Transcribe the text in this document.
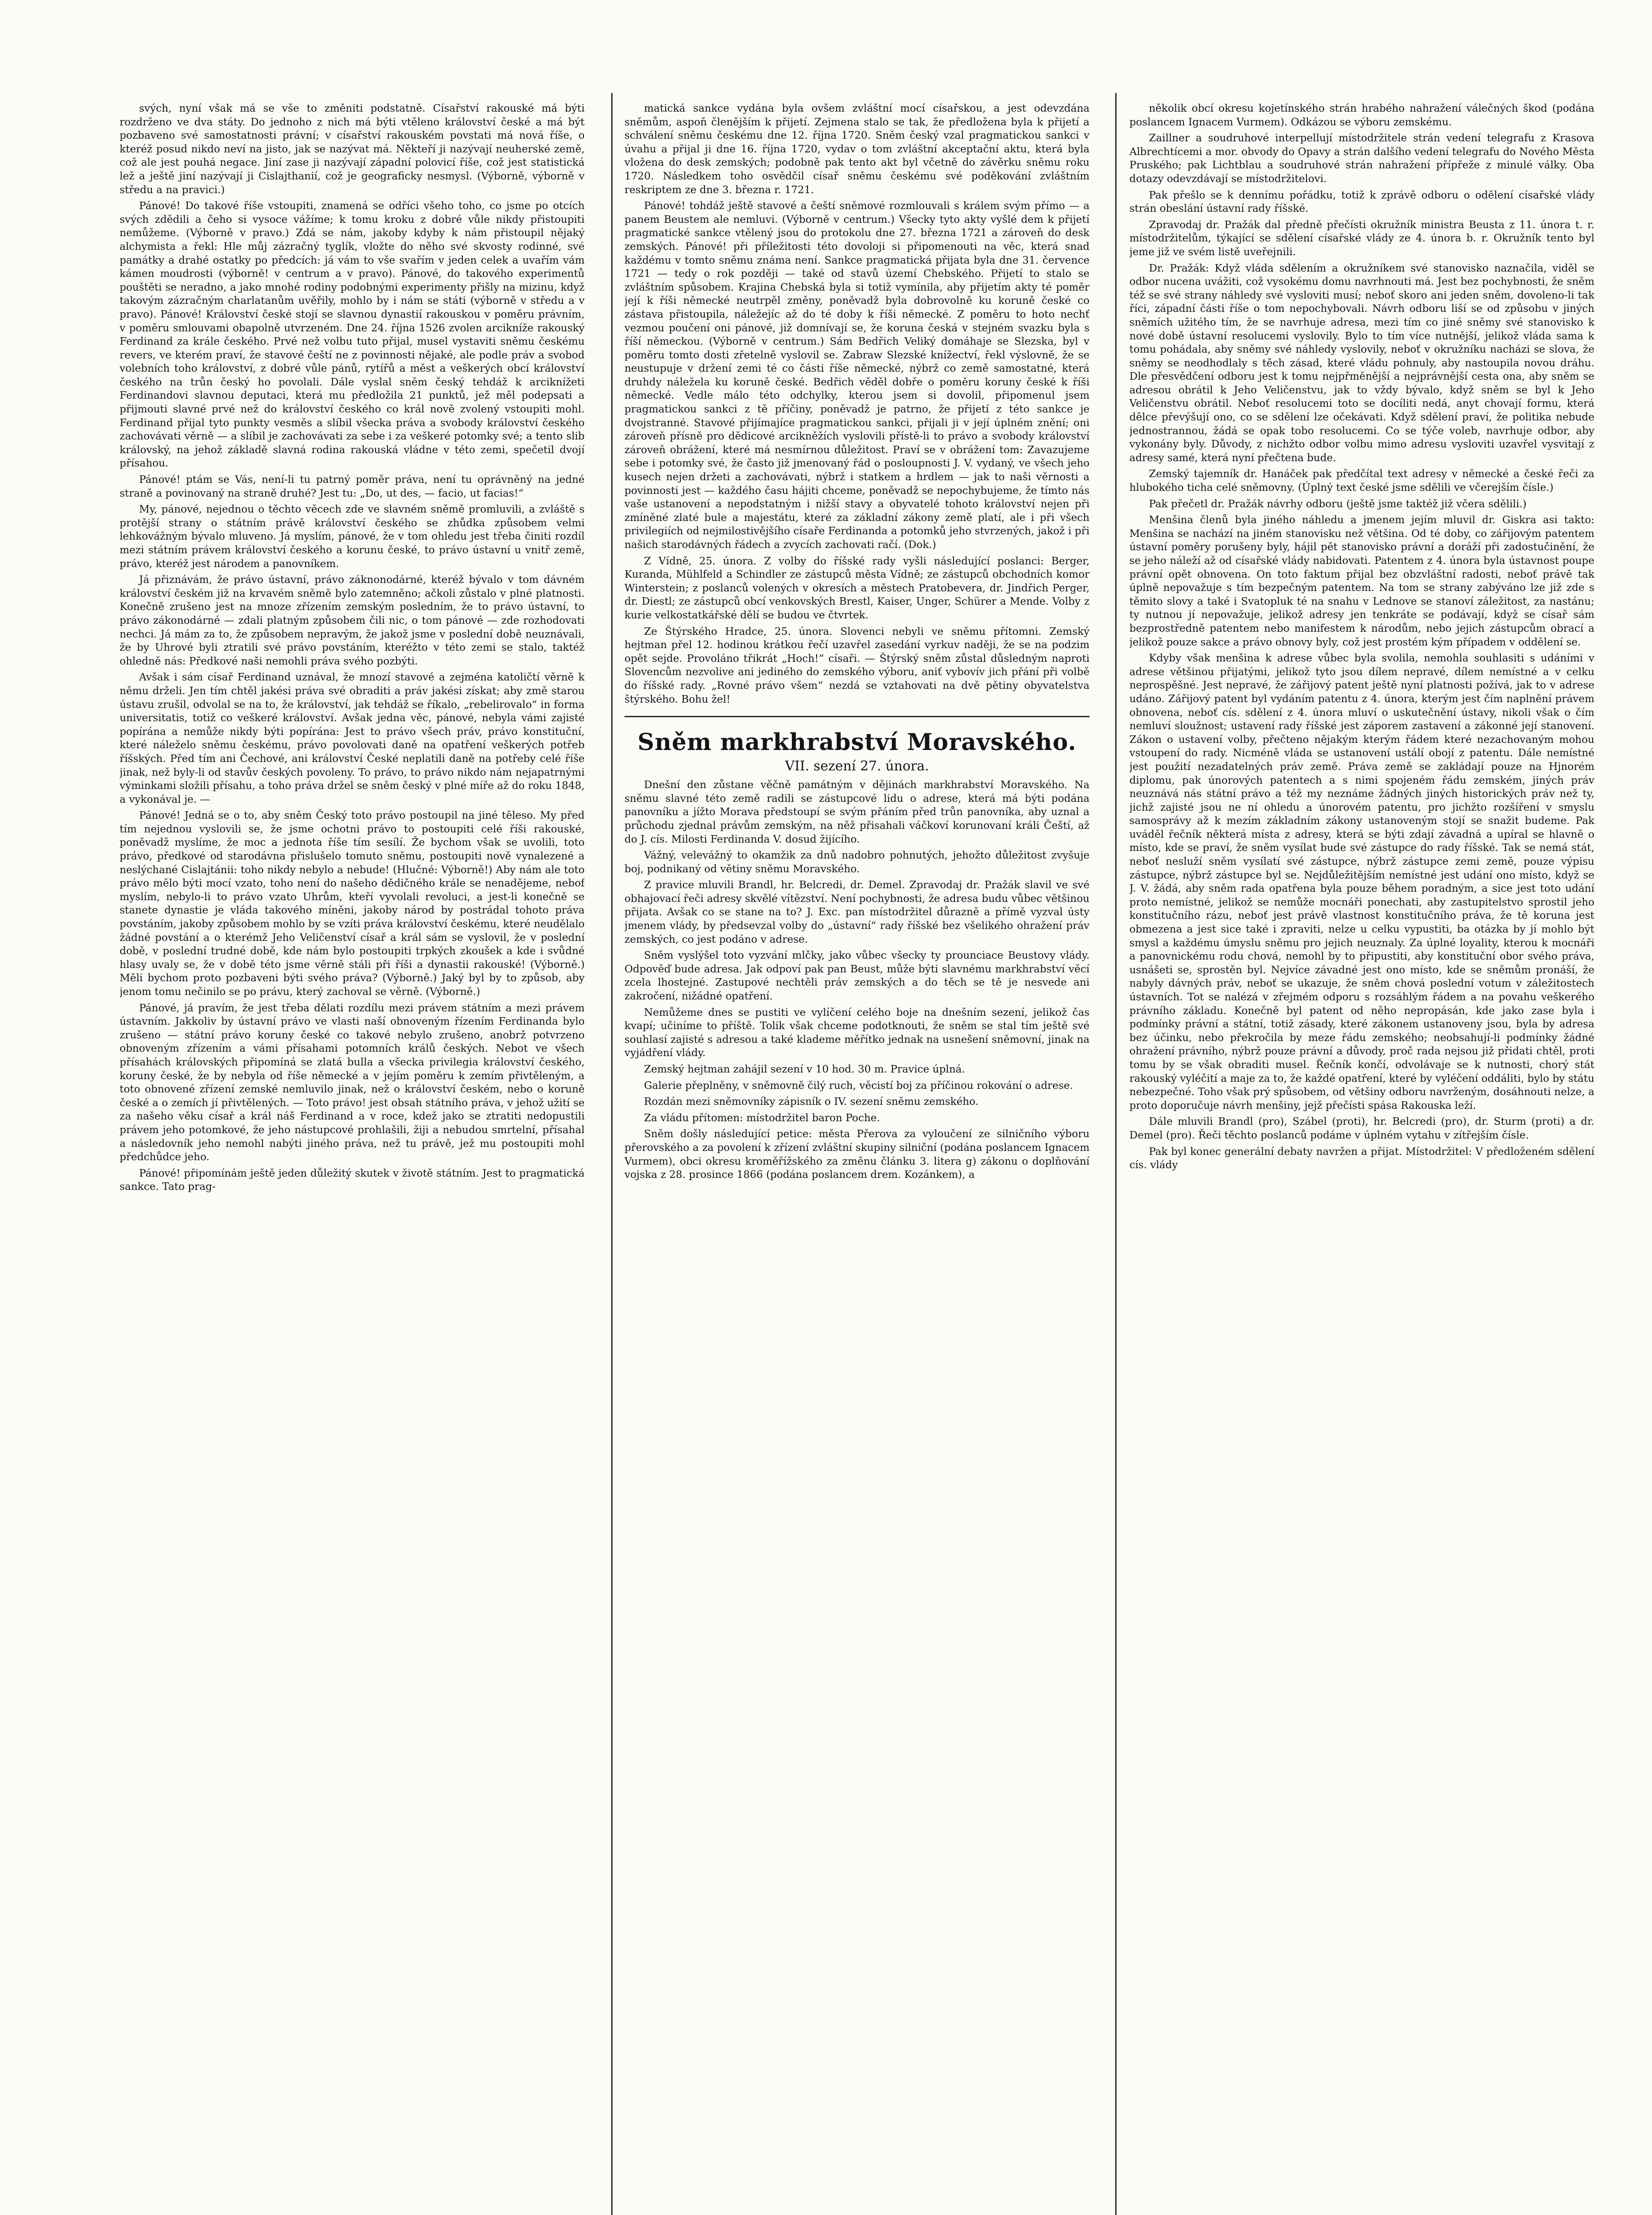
svých, nyní však má se vše to změniti podstatně. Císařství rakouské má býti rozdrženo ve dva státy. Do jednoho z nich má býti vtěleno království české a má být pozbaveno své samostatnosti právní; v císařství rakouském povstati má nová říše, o kteréž posud nikdo neví na jisto, jak se nazývat má. Někteří ji nazývají neuherské země, což ale jest pouhá negace. Jiní zase ji nazývají západní polovicí říše, což jest statistická lež a ještě jiní nazývají ji Cislajthanií, což je geograficky nesmysl. (Výborně, výborně v středu a na pravici.)

Pánové! Do takové říše vstoupiti, znamená se odříci všeho toho, co jsme po otcích svých zdědili a čeho si vysoce vážíme; k tomu kroku z dobré vůle nikdy přistoupiti nemůžeme. (Výborně v pravo.) Zdá se nám, jakoby kdyby k nám přistoupil nějaký alchymista a řekl: Hle můj zázračný tyglík, vložte do něho své skvosty rodinné, své památky a drahé ostatky po předcích: já vám to vše svařím v jeden celek a uvařím vám kámen moudrosti (výborně! v centrum a v pravo). Pánové, do takového experimentů pouštěti se neradno, a jako mnohé rodiny podobnými experimenty přišly na mizinu, když takovým zázračným charlatanům uvěřily, mohlo by i nám se státi (výborně v středu a v pravo). Pánové! Království české stojí se slavnou dynastií rakouskou v poměru právním, v poměru smlouvami obapolně utvrzeném. Dne 24. října 1526 zvolen arcikníže rakouský Ferdinand za krále českého. Prvé než volbu tuto přijal, musel vystaviti sněmu českému revers, ve kterém praví, že stavové čeští ne z povinnosti nějaké, ale podle práv a svobod volebních toho království, z dobré vůle pánů, rytířů a měst a veškerých obcí království českého na trůn český ho povolali. Dále vyslal sněm český tehdáž k arciknížeti Ferdinandovi slavnou deputaci, která mu předložila 21 punktů, jež měl podepsati a přijmouti slavné prvé než do království českého co král nově zvolený vstoupiti mohl. Ferdinand přijal tyto punkty vesměs a slíbil všecka práva a svobody království českého zachovávati věrně — a slíbil je zachovávati za sebe i za veškeré potomky své; a tento slib královský, na jehož základě slavná rodina rakouská vládne v této zemi, spečetil dvojí přísahou.

Pánové! ptám se Vás, není-li tu patrný poměr práva, není tu oprávněný na jedné straně a povinovaný na straně druhé? Jest tu: „Do, ut des, — facio, ut facias!“

My, pánové, nejednou o těchto věcech zde ve slavném sněmě promluvili, a zvláště s protější strany o státním právě království českého se zhůdka způsobem velmi lehkovážným bývalo mluveno. Já myslím, pánové, že v tom ohledu jest třeba činiti rozdíl mezi státním právem království českého a korunu české, to právo ústavní u vnitř země, právo, kteréž jest národem a panovníkem.

Já přiznávám, že právo ústavní, právo záknonodárné, kteréž bývalo v tom dávném království českém již na krvavém sněmě bylo zatemněno; ačkoli zůstalo v plné platnosti. Konečně zrušeno jest na mnoze zřízením zemským posledním, že to právo ústavní, to právo zákonodárné — zdali platným způsobem čili nic, o tom pánové — zde rozhodovati nechci. Já mám za to, že způsobem nepravým, že jakož jsme v poslední době neuznávali, že by Uhrové byli ztratili své právo povstáním, kteréžto v této zemi se stalo, taktéž ohledně nás: Předkové naši nemohli práva svého pozbýti.

Avšak i sám císař Ferdinand uznával, že mnozí stavové a zejména katoličtí věrně k němu drželi. Jen tím chtěl jakési práva své obraditi a práv jakési získat; aby změ starou ústavu zrušil, odvolal se na to, že království, jak tehdáž se říkalo, „rebelirovalo“ in forma universitatis, totiž co veškeré království. Avšak jedna věc, pánové, nebyla vámi zajisté popírána a nemůže nikdy býti popírána: Jest to právo všech práv, právo konstituční, které náleželo sněmu českému, právo povolovati daně na opatření veškerých potřeb říšských. Před tím ani Čechové, ani království České neplatili daně na potřeby celé říše jinak, než byly-li od stavův českých povoleny. To právo, to právo nikdo nám nejapatrnými výminkami složili přísahu, a toho práva držel se sněm český v plné míře až do roku 1848, a vykonával je. —

Pánové! Jedná se o to, aby sněm Český toto právo postoupil na jiné těleso. My před tím nejednou vyslovili se, že jsme ochotni právo to postoupiti celé říši rakouské, poněvadž myslíme, že moc a jednota říše tím sesílí. Že bychom však se uvolili, toto právo, předkové od starodávna přislušelo tomuto sněmu, postoupiti nově vynalezené a neslýchané Cislajtánii: toho nikdy nebylo a nebude! (Hlučné: Výborně!) Aby nám ale toto právo mělo býti mocí vzato, toho není do našeho dědičného krále se nenadějeme, nebof myslím, nebylo-li to právo vzato Uhrům, kteří vyvolali revoluci, a jest-li konečně se stanete dynastie je vláda takového míněni, jakoby národ by postrádal tohoto práva povstáním, jakoby způsobem mohlo by se vzíti práva království českému, které neudělalo žádné povstání a o kterémž Jeho Veličenství císař a král sám se vyslovil, že v poslední době, v poslední trudné době, kde nám bylo postoupiti trpkých zkoušek a kde i svůdné hlasy uvaly se, že v době této jsme věrně stáli při říši a dynastii rakouské! (Výborně.) Měli bychom proto pozbaveni býti svého práva? (Výborně.) Jaký byl by to způsob, aby jenom tomu nečinilo se po právu, který zachoval se věrně. (Výborně.)

Pánové, já pravím, že jest třeba dělati rozdílu mezi právem státním a mezi právem ústavním. Jakkoliv by ústavní právo ve vlasti naší obnoveným řízením Ferdinanda bylo zrušeno — státní právo koruny české co takové nebylo zrušeno, anobrž potvrzeno obnoveným zřízením a vámi přísahami potomních králů českých. Nebot ve všech přísahách královských připomíná se zlatá bulla a všecka privilegia království českého, koruny české, že by nebyla od říše německé a v jejím poměru k zemím přivtěleným, a toto obnovené zřízení zemské nemluvilo jinak, než o království českém, nebo o koruně české a o zemích jí přivtělených. — Toto právo! jest obsah státního práva, v jehož užití se za našeho věku císař a král náš Ferdinand a v roce, kdež jako se ztratiti nedopustili právem jeho potomkové, že jeho nástupcové prohlašili, žiji a nebudou smrtelní, přísahal a následovník jeho nemohl nabýti jiného práva, než tu právě, jež mu postoupiti mohl předchůdce jeho.

Pánové! připomínám ještě jeden důležitý skutek v životě státním. Jest to pragmatická sankce. Tato prag-

matická sankce vydána byla ovšem zvláštní mocí císařskou, a jest odevzdána sněmům, aspoň členějším k přijetí. Zejmena stalo se tak, že předložena byla k přijetí a schválení sněmu českému dne 12. října 1720. Sněm český vzal pragmatickou sankci v úvahu a přijal ji dne 16. října 1720, vydav o tom zvláštní akceptační aktu, která byla vložena do desk zemských; podobně pak tento akt byl včetně do závěrku sněmu roku 1720. Následkem toho osvědčil císař sněmu českému své poděkování zvláštním reskriptem ze dne 3. března r. 1721.

Pánové! tohdáž ještě stavové a čeští sněmové rozmlouvali s králem svým přímo — a panem Beustem ale nemluvi. (Výborně v centrum.) Všecky tyto akty vyšlé dem k přijetí pragmatické sankce vtělený jsou do protokolu dne 27. března 1721 a zároveň do desk zemských. Pánové! při příležitosti této dovoloji si připomenouti na věc, která snad každému v tomto sněmu známa není. Sankce pragmatická přijata byla dne 31. července 1721 — tedy o rok později — také od stavů území Chebského. Přijetí to stalo se zvláštním spůsobem. Krajina Chebská byla si totiž vymínila, aby přijetím akty té poměr její k říši německé neutrpěl změny, poněvadž byla dobrovolně ku koruně české co zástava přistoupila, náležejíc až do té doby k říši německé. Z poměru to hoto nechť vezmou poučení oni pánové, již domnívají se, že koruna česká v stejném svazku byla s říší německou. (Výborně v centrum.) Sám Bedřich Veliký domáhaje se Slezska, byl v poměru tomto dosti zřetelně vyslovil se. Zabraw Slezské knížectví, řekl výslovně, že se neustupuje v držení zemi té co části říše německé, nýbrž co země samostatné, která druhdy náležela ku koruně české. Bedřich věděl dobře o poměru koruny české k říši německé. Vedle málo této odchylky, kterou jsem si dovolil, připomenul jsem pragmatickou sankci z tě příčiny, poněvadž je patrno, že přijetí z této sankce je dvojstranné. Stavové přijímajíce pragmatickou sankci, přijali ji v její úplném znění; oni zároveň přísně pro dědicové arcikněžích vyslovili přístě-li to právo a svobody království zároveň obrážení, které má nesmírnou důležitost. Praví se v obrážení tom: Zavazujeme sebe i potomky své, že často již jmenovaný řád o posloupnosti J. V. vydaný, ve všech jeho kusech nejen držeti a zachovávati, nýbrž i statkem a hrdlem — jak to naši věrnosti a povinnosti jest — každého času hájiti chceme, poněvadž se nepochybujeme, že tímto nás vaše ustanovení a nepodstatným i nižší stavy a obyvatelé tohoto království nejen při zmíněné zlaté bule a majestátu, které za základní zákony země platí, ale i při všech privilegiích od nejmilostivějšího císaře Ferdinanda a potomků jeho stvrzených, jakož i při našich starodávných řádech a zvycích zachovati račí. (Dok.)

Z Vídně, 25. února. Z volby do říšské rady vyšli následující poslanci: Berger, Kuranda, Mühlfeld a Schindler ze zástupců města Vídně; ze zástupců obchodních komor Winterstein; z poslanců volených v okresích a městech Pratobevera, dr. Jindřich Perger, dr. Diestl; ze zástupců obcí venkovských Brestl, Kaiser, Unger, Schürer a Mende. Volby z kurie velkostatkářské dělí se budou ve čtvrtek.

Ze Štýrského Hradce, 25. února. Slovenci nebyli ve sněmu přítomni. Zemský hejtman přel 12. hodinou krátkou řečí uzavřel zasedání vyrkuv naději, že se na podzim opět sejde. Provoláno třikrát „Hoch!“ císaři. — Štýrský sněm zůstal důsledným naproti Slovencům nezvolive ani jediného do zemského výboru, aniť vybovív jich přání při volbě do říšské rady. „Rovné právo všem“ nezdá se vztahovati na dvě pětiny obyvatelstva štýrského. Bohu žel!

Sněm markhrabství Moravského.
VII. sezení 27. února.

Dnešní den zůstane věčně památným v dějinách markhrabství Moravského. Na sněmu slavné této země radili se zástupcové lidu o adrese, která má býti podána panovníku a jížto Morava předstoupí se svým přáním před trůn panovníka, aby uznal a průchodu zjednal právům zemským, na něž přisahali váčkoví korunovaní králi Čeští, až do J. cís. Milosti Ferdinanda V. dosud žijícího.

Vážný, velevážný to okamžik za dnů nadobro pohnutých, jehožto důležitost zvyšuje boj, podnikaný od větiny sněmu Moravského.

Z pravice mluvili Brandl, hr. Belcredi, dr. Demel. Zpravodaj dr. Pražák slavil ve své obhajovací řeči adresy skvělé vítězství. Není pochybnosti, že adresa budu vůbec většinou přijata. Avšak co se stane na to? J. Exc. pan místodržitel důrazně a přímě vyzval ústy jmenem vlády, by předsevzal volby do „ústavní“ rady říšské bez všelikého ohražení práv zemských, co jest podáno v adrese.

Sněm vyslýšel toto vyzvání mlčky, jako vůbec všecky ty prounciace Beustovy vlády. Odpověď bude adresa. Jak odpoví pak pan Beust, může býti slavnému markhrabství věcí zcela lhostejné. Zastupové nechtěli práv zemských a do těch se tě je nesvede ani zakročení, nižádné opatření.

Nemůžeme dnes se pustiti ve vylíčení celého boje na dnešním sezení, jelikož čas kvapí; učiníme to příště. Tolik však chceme podotknouti, že sněm se stal tím ještě své souhlasí zajisté s adresou a také klademe měřítko jednak na usnešení sněmovní, jinak na vyjádření vlády.

Zemský hejtman zahájil sezení v 10 hod. 30 m. Pravice úplná.

Galerie přeplněny, v sněmovně čilý ruch, věcistí boj za příčinou rokování o adrese.

Rozdán mezi sněmovníky zápisník o IV. sezení sněmu zemského.

Za vládu přítomen: místodržitel baron Poche.

Sněm došly následující petice: města Přerova za vyloučení ze silničního výboru přerovského a za povolení k zřízení zvláštní skupiny silniční (podána poslancem Ignacem Vurmem), obci okresu kroměřížského za změnu článku 3. litera g) zákonu o doplňování vojska z 28. prosince 1866 (podána poslancem drem. Kozánkem), a

několik obcí okresu kojetínského strán hrabého nahražení válečných škod (podána poslancem Ignacem Vurmem). Odkázou se výboru zemskému.

Zaillner a soudruhové interpellují místodržitele strán vedení telegrafu z Krasova Albrechtícemi a mor. obvody do Opavy a strán dalšího vedení telegrafu do Nového Města Pruského; pak Lichtblau a soudruhové strán nahražení přípřeže z minulé války. Oba dotazy odevzdávají se místodržitelovi.

Pak přešlo se k dennímu pořádku, totiž k zprávě odboru o odělení císařské vlády strán obeslání ústavní rady říšské.

Zpravodaj dr. Pražák dal předně přečísti okružník ministra Beusta z 11. února t. r. místodržitelům, týkající se sdělení císařské vlády ze 4. února b. r. Okružník tento byl jeme již ve svém listě uveřejnili.

Dr. Pražák: Když vláda sdělením a okružníkem své stanovisko naznačila, viděl se odbor nucena uvážiti, což vysokému domu navrhnouti má. Jest bez pochybnosti, že sněm též se své strany náhledy své vysloviti musí; neboť skoro ani jeden sněm, dovoleno-li tak říci, západní části říše o tom nepochybovali. Návrh odboru liší se od způsobu v jiných sněmích užitého tím, že se navrhuje adresa, mezi tím co jiné sněmy své stanovisko k nové době ústavní resolucemi vyslovily. Bylo to tím více nutnější, jelikož vláda sama k tomu pohádala, aby sněmy své náhledy vyslovily, neboť v okružníku nacházi se slova, že sněmy se neodhodlaly s těch zásad, které vládu pohnuly, aby nastoupila novou dráhu. Dle přesvědčení odboru jest k tomu nejpřměnější a nejprávnější cesta ona, aby sněm se adresou obrátil k Jeho Veličenstvu, jak to vždy bývalo, když sněm se byl k Jeho Veličenstvu obrátil. Neboť resolucemi toto se docíliti nedá, anyt chovají formu, která dělce převýšují ono, co se sdělení lze očekávati. Když sdělení praví, že politika nebude jednostrannou, žádá se opak tobo resolucemi. Co se týče voleb, navrhuje odbor, aby vykonány byly. Důvody, z nichžto odbor volbu mimo adresu vysloviti uzavřel vysvitají z adresy samé, která nyní přečtena bude.

Zemský tajemník dr. Hanáček pak předčítal text adresy v německé a české řeči za hlubokého ticha celé sněmovny. (Úplný text české jsme sdělili ve včerejším čísle.)

Pak přečetl dr. Pražák návrhy odboru (ještě jsme taktéž již včera sdělili.)

Menšina členů byla jiného náhledu a jmenem jejím mluvil dr. Giskra asi takto: Menšina se nachází na jiném stanovisku než většina. Od té doby, co zářijovým patentem ústavní poměry porušeny byly, hájil pět stanovisko právní a doráží při zadostučinění, že se jeho náleží až od císařské vlády nabidovati. Patentem z 4. února byla ústavnost poupe právní opět obnovena. On toto faktum přijal bez obzvláštní radosti, neboť právě tak úplně nepovažuje s tím bezpečným patentem. Na tom se strany zabýváno lze již zde s těmito slovy a také i Svatopluk té na snahu v Lednove se stanoví záležitost, za nastánu; ty nutnou jí nepovažuje, jelikož adresy jen tenkráte se podávají, když se císař sám bezprostředně patentem nebo manifestem k národům, nebo jejich zástupcům obrací a jelikož pouze sakce a právo obnovy byly, což jest prostém kým případem v oddělení se.

Kdyby však menšina k adrese vůbec byla svolila, nemohla souhlasiti s udáními v adrese většinou přijatými, jelikož tyto jsou dílem nepravé, dílem nemístné a v celku neprospěšné. Jest nepravé, že zářijový patent ještě nyní platnosti požívá, jak to v adrese udáno. Zářijový patent byl vydáním patentu z 4. února, kterým jest čím naplnění právem obnovena, neboť cís. sdělení z 4. února mluví o uskutečnění ústavy, nikoli však o čím nemluví sloužnost; ustavení rady říšské jest záporem zastavení a zákonné její stanovení. Zákon o ustavení volby, přečteno nějakým kterým řádem které nezachovaným mohou vstoupení do rady. Nicméně vláda se ustanovení ustálí obojí z patentu. Dále nemístné jest použití nezadatelných práv země. Práva země se zakládají pouze na Hjnorém diplomu, pak únorových patentech a s nimi spojeném řádu zemském, jiných práv neuznává nás státní právo a též my neznáme žádných jiných historických práv než ty, jichž zajisté jsou ne ní ohledu a únorovém patentu, pro jichžto rozšíření v smyslu samosprávy až k mezím základním zákony ustanoveným stojí se snažit budeme. Pak uváděl řečník některá místa z adresy, která se býti zdají závadná a upíral se hlavně o místo, kde se praví, že sněm vysílat bude své zástupce do rady říšské. Tak se nemá stát, neboť nesluží sněm vysílatí své zástupce, nýbrž zástupce zemi země, pouze výpisu zástupce, nýbrž zástupce byl se. Nejdůležitějším nemístné jest udání ono místo, když se J. V. žádá, aby sněm rada opatřena byla pouze během poradným, a sice jest toto udání proto nemístné, jelikož se nemůže mocnáři ponechati, aby zastupitelstvo sprostil jeho konstitučního rázu, neboť jest právě vlastnost konstitučního práva, že tě koruna jest obmezena a jest sice také i zpraviti, nelze u celku vypustiti, ba otázka by jí mohlo být smysl a každému úmyslu sněmu pro jejich neuznaly. Za úplné loyality, kterou k mocnáři a panovnickému rodu chová, nemohl by to připustiti, aby konstituční obor svého práva, usnášeti se, sprostěn byl. Nejvíce závadné jest ono místo, kde se sněmům pronáší, že nabyly dávných práv, neboť se ukazuje, že sněm chová poslední votum v záležitostech ústavních. Tot se nalézá v zřejmém odporu s rozsáhlým řádem a na povahu veškerého právního základu. Konečně byl patent od něho nepropásán, kde jako zase byla i podmínky právní a státní, totiž zásady, které zákonem ustanoveny jsou, byla by adresa bez účinku, nebo překročila by meze řádu zemského; neobsahují-li podmínky žádné ohražení právního, nýbrž pouze právní a důvody, proč rada nejsou již přidati chtěl, proti tomu by se však obraditi musel. Řečník končí, odvolávaje se k nutnosti, chorý stát rakouský vyléčití a maje za to, že každé opatření, které by vyléčení oddáliti, bylo by státu nebezpečné. Toho však prý spůsobem, od většiny odboru navrženým, dosáhnouti nelze, a proto doporučuje návrh menšiny, jejž přečísti spása Rakouska leží.

Dále mluvili Brandl (pro), Szábel (proti), hr. Belcredi (pro), dr. Sturm (proti) a dr. Demel (pro). Řeči těchto poslanců podáme v úplném vytahu v zítřejším čísle.

Pak byl konec generální debaty navržen a přijat. Místodržitel: V předloženém sdělení cís. vlády
